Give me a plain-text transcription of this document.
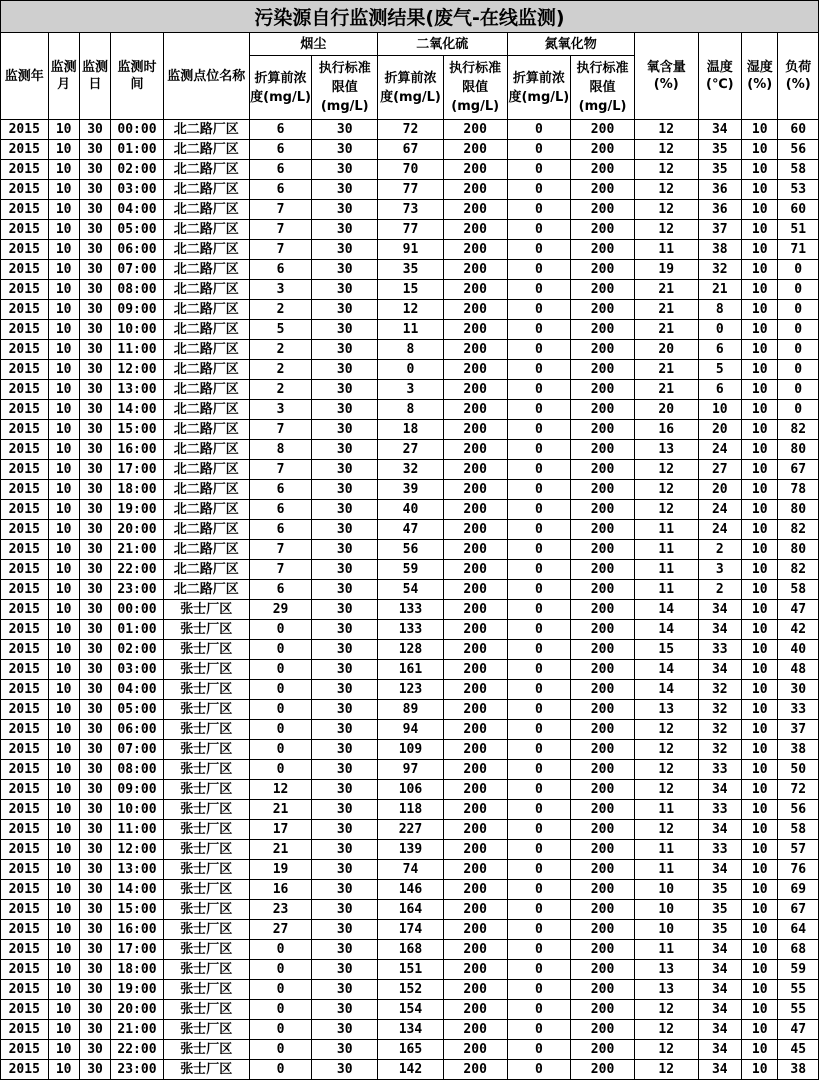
污染源自行监测结果(废气-在线监测)														
监测年	监测月	监测日	监测时间	监测点位名称	烟尘		二氧化硫		氮氧化物		氧含量(%)	温度(℃)	湿度(%)	负荷(%)
					折算前浓度(mg/L)	执行标准限值(mg/L)	折算前浓度(mg/L)	执行标准限值(mg/L)	折算前浓度(mg/L)	执行标准限值(mg/L)				
2015	10	30	00:00	北二路厂区	6	30	72	200	0	200	12	34	10	60
2015	10	30	01:00	北二路厂区	6	30	67	200	0	200	12	35	10	56
2015	10	30	02:00	北二路厂区	6	30	70	200	0	200	12	35	10	58
2015	10	30	03:00	北二路厂区	6	30	77	200	0	200	12	36	10	53
2015	10	30	04:00	北二路厂区	7	30	73	200	0	200	12	36	10	60
2015	10	30	05:00	北二路厂区	7	30	77	200	0	200	12	37	10	51
2015	10	30	06:00	北二路厂区	7	30	91	200	0	200	11	38	10	71
2015	10	30	07:00	北二路厂区	6	30	35	200	0	200	19	32	10	0
2015	10	30	08:00	北二路厂区	3	30	15	200	0	200	21	21	10	0
2015	10	30	09:00	北二路厂区	2	30	12	200	0	200	21	8	10	0
2015	10	30	10:00	北二路厂区	5	30	11	200	0	200	21	0	10	0
2015	10	30	11:00	北二路厂区	2	30	8	200	0	200	20	6	10	0
2015	10	30	12:00	北二路厂区	2	30	0	200	0	200	21	5	10	0
2015	10	30	13:00	北二路厂区	2	30	3	200	0	200	21	6	10	0
2015	10	30	14:00	北二路厂区	3	30	8	200	0	200	20	10	10	0
2015	10	30	15:00	北二路厂区	7	30	18	200	0	200	16	20	10	82
2015	10	30	16:00	北二路厂区	8	30	27	200	0	200	13	24	10	80
2015	10	30	17:00	北二路厂区	7	30	32	200	0	200	12	27	10	67
2015	10	30	18:00	北二路厂区	6	30	39	200	0	200	12	20	10	78
2015	10	30	19:00	北二路厂区	6	30	40	200	0	200	12	24	10	80
2015	10	30	20:00	北二路厂区	6	30	47	200	0	200	11	24	10	82
2015	10	30	21:00	北二路厂区	7	30	56	200	0	200	11	2	10	80
2015	10	30	22:00	北二路厂区	7	30	59	200	0	200	11	3	10	82
2015	10	30	23:00	北二路厂区	6	30	54	200	0	200	11	2	10	58
2015	10	30	00:00	张士厂区	29	30	133	200	0	200	14	34	10	47
2015	10	30	01:00	张士厂区	0	30	133	200	0	200	14	34	10	42
2015	10	30	02:00	张士厂区	0	30	128	200	0	200	15	33	10	40
2015	10	30	03:00	张士厂区	0	30	161	200	0	200	14	34	10	48
2015	10	30	04:00	张士厂区	0	30	123	200	0	200	14	32	10	30
2015	10	30	05:00	张士厂区	0	30	89	200	0	200	13	32	10	33
2015	10	30	06:00	张士厂区	0	30	94	200	0	200	12	32	10	37
2015	10	30	07:00	张士厂区	0	30	109	200	0	200	12	32	10	38
2015	10	30	08:00	张士厂区	0	30	97	200	0	200	12	33	10	50
2015	10	30	09:00	张士厂区	12	30	106	200	0	200	12	34	10	72
2015	10	30	10:00	张士厂区	21	30	118	200	0	200	11	33	10	56
2015	10	30	11:00	张士厂区	17	30	227	200	0	200	12	34	10	58
2015	10	30	12:00	张士厂区	21	30	139	200	0	200	11	33	10	57
2015	10	30	13:00	张士厂区	19	30	74	200	0	200	11	34	10	76
2015	10	30	14:00	张士厂区	16	30	146	200	0	200	10	35	10	69
2015	10	30	15:00	张士厂区	23	30	164	200	0	200	10	35	10	67
2015	10	30	16:00	张士厂区	27	30	174	200	0	200	10	35	10	64
2015	10	30	17:00	张士厂区	0	30	168	200	0	200	11	34	10	68
2015	10	30	18:00	张士厂区	0	30	151	200	0	200	13	34	10	59
2015	10	30	19:00	张士厂区	0	30	152	200	0	200	13	34	10	55
2015	10	30	20:00	张士厂区	0	30	154	200	0	200	12	34	10	55
2015	10	30	21:00	张士厂区	0	30	134	200	0	200	12	34	10	47
2015	10	30	22:00	张士厂区	0	30	165	200	0	200	12	34	10	45
2015	10	30	23:00	张士厂区	0	30	142	200	0	200	12	34	10	38
